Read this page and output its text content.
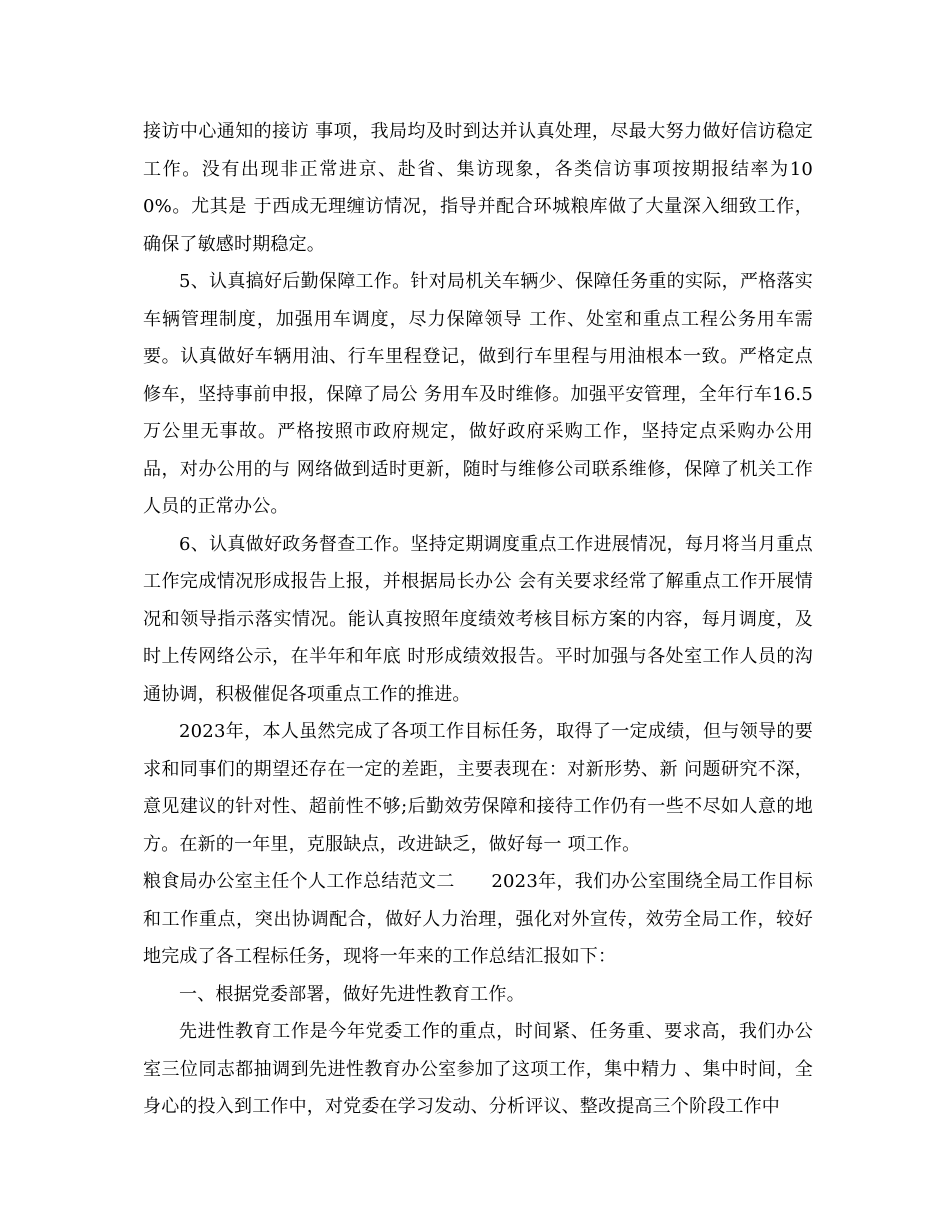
接访中心通知的接访 事项，我局均及时到达并认真处理，尽最大努力做好信访稳定工作。没有出现非正常进京、赴省、集访现象，各类信访事项按期报结率为100%。尤其是 于西成无理缠访情况，指导并配合环城粮库做了大量深入细致工作，确保了敏感时期稳定。

5、认真搞好后勤保障工作。针对局机关车辆少、保障任务重的实际，严格落实车辆管理制度，加强用车调度，尽力保障领导 工作、处室和重点工程公务用车需要。认真做好车辆用油、行车里程登记，做到行车里程与用油根本一致。严格定点修车，坚持事前申报，保障了局公 务用车及时维修。加强平安管理，全年行车16.5万公里无事故。严格按照市政府规定，做好政府采购工作，坚持定点采购办公用品，对办公用的与 网络做到适时更新，随时与维修公司联系维修，保障了机关工作人员的正常办公。

6、认真做好政务督查工作。坚持定期调度重点工作进展情况，每月将当月重点工作完成情况形成报告上报，并根据局长办公 会有关要求经常了解重点工作开展情况和领导指示落实情况。能认真按照年度绩效考核目标方案的内容，每月调度，及时上传网络公示，在半年和年底 时形成绩效报告。平时加强与各处室工作人员的沟通协调，积极催促各项重点工作的推进。

2023年，本人虽然完成了各项工作目标任务，取得了一定成绩，但与领导的要求和同事们的期望还存在一定的差距，主要表现在：对新形势、新 问题研究不深，意见建议的针对性、超前性不够;后勤效劳保障和接待工作仍有一些不尽如人意的地方。在新的一年里，克服缺点，改进缺乏，做好每一 项工作。

粮食局办公室主任个人工作总结范文二　　2023年，我们办公室围绕全局工作目标和工作重点，突出协调配合，做好人力治理，强化对外宣传，效劳全局工作，较好地完成了各工程标任务，现将一年来的工作总结汇报如下：

一、根据党委部署，做好先进性教育工作。

先进性教育工作是今年党委工作的重点，时间紧、任务重、要求高，我们办公室三位同志都抽调到先进性教育办公室参加了这项工作，集中精力 、集中时间，全身心的投入到工作中，对党委在学习发动、分析评议、整改提高三个阶段工作中
